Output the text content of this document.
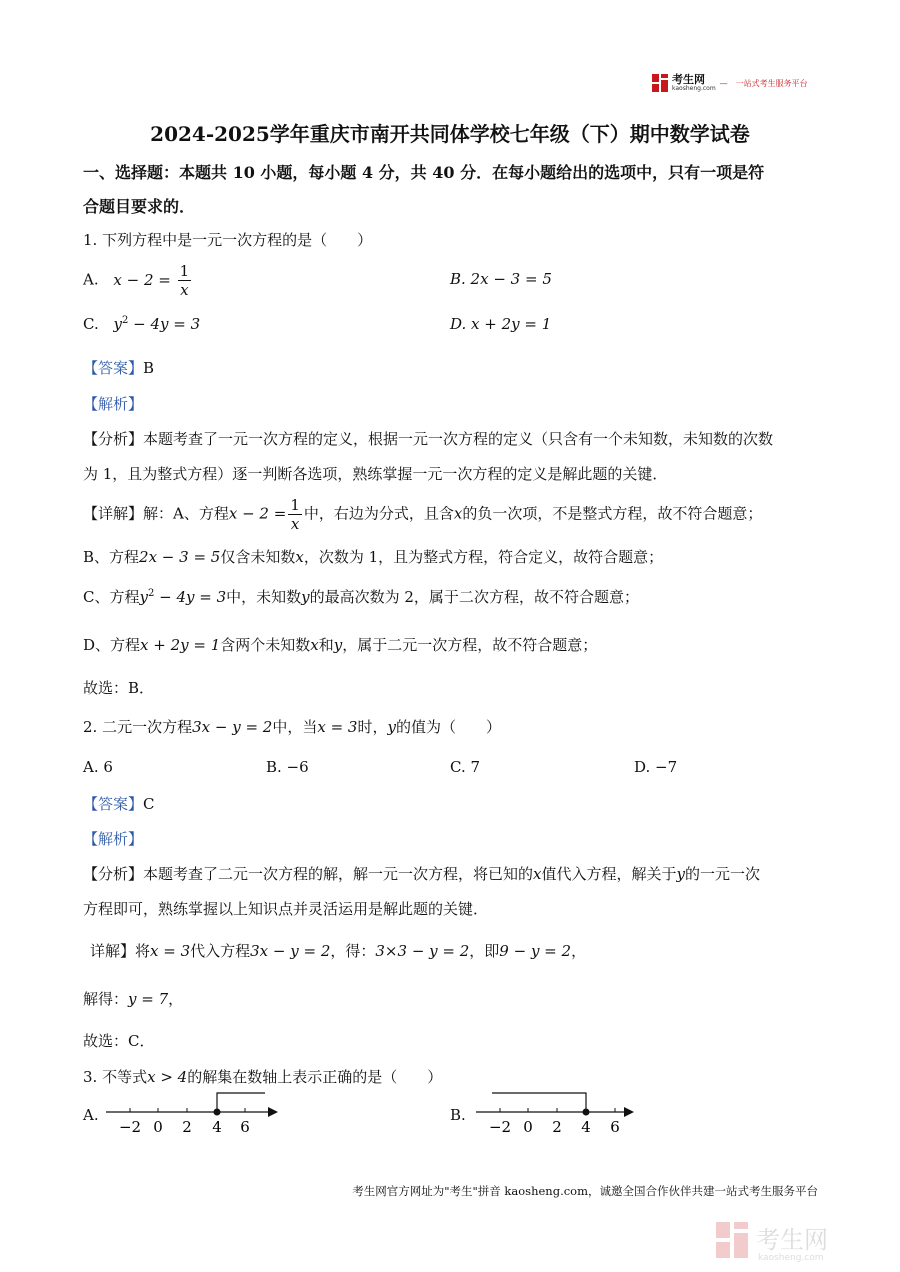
考生网
kaosheng.com
— 一站式考生服务平台
2024-2025学年重庆市南开共同体学校七年级（下）期中数学试卷
一、选择题：本题共 10 小题，每小题 4 分，共 40 分．在每小题给出的选项中，只有一项是符
合题目要求的．
1. 下列方程中是一元一次方程的是（　　）
A. $x - 2 = \frac{1}{x}$	B. 2x − 3 = 5
C. $y^2 - 4y = 3$	D. x + 2y = 1
【答案】B
【解析】
【分析】本题考查了一元一次方程的定义，根据一元一次方程的定义（只含有一个未知数，未知数的次数
为 1，且为整式方程）逐一判断各选项，熟练掌握一元一次方程的定义是解此题的关键．
【详解】解：A、方程$x - 2 = \frac{1}{x}$ 中，右边为分式，且含x的负一次项，不是整式方程，故不符合题意；
B、方程2x − 3 = 5仅含未知数x，次数为 1，且为整式方程，符合定义，故符合题意；
C、方程$y^2 - 4y = 3$中，未知数y的最高次数为 2，属于二次方程，故不符合题意；
D、方程x + 2y = 1含两个未知数x和y，属于二元一次方程，故不符合题意；
故选：B．
2. 二元一次方程3x − y = 2中，当x = 3时，y的值为（　　）
A. 6	B. −6	C. 7	D. −7
【答案】C
【解析】
【分析】本题考查了二元一次方程的解，解一元一次方程，将已知的x值代入方程，解关于y的一元一次
方程即可，熟练掌握以上知识点并灵活运用是解此题的关键．
详解】将x = 3代入方程3x − y = 2，得：3×3 − y = 2，即9 − y = 2，
解得：y = 7，
故选：C．
3. 不等式x > 4的解集在数轴上表示正确的是（　　）
A.
−2 0 2 4 6
B.
−2 0 2 4 6
考生网官方网址为"考生"拼音 kaosheng.com，诚邀全国合作伙伴共建一站式考生服务平台
考生网
kaosheng.com
